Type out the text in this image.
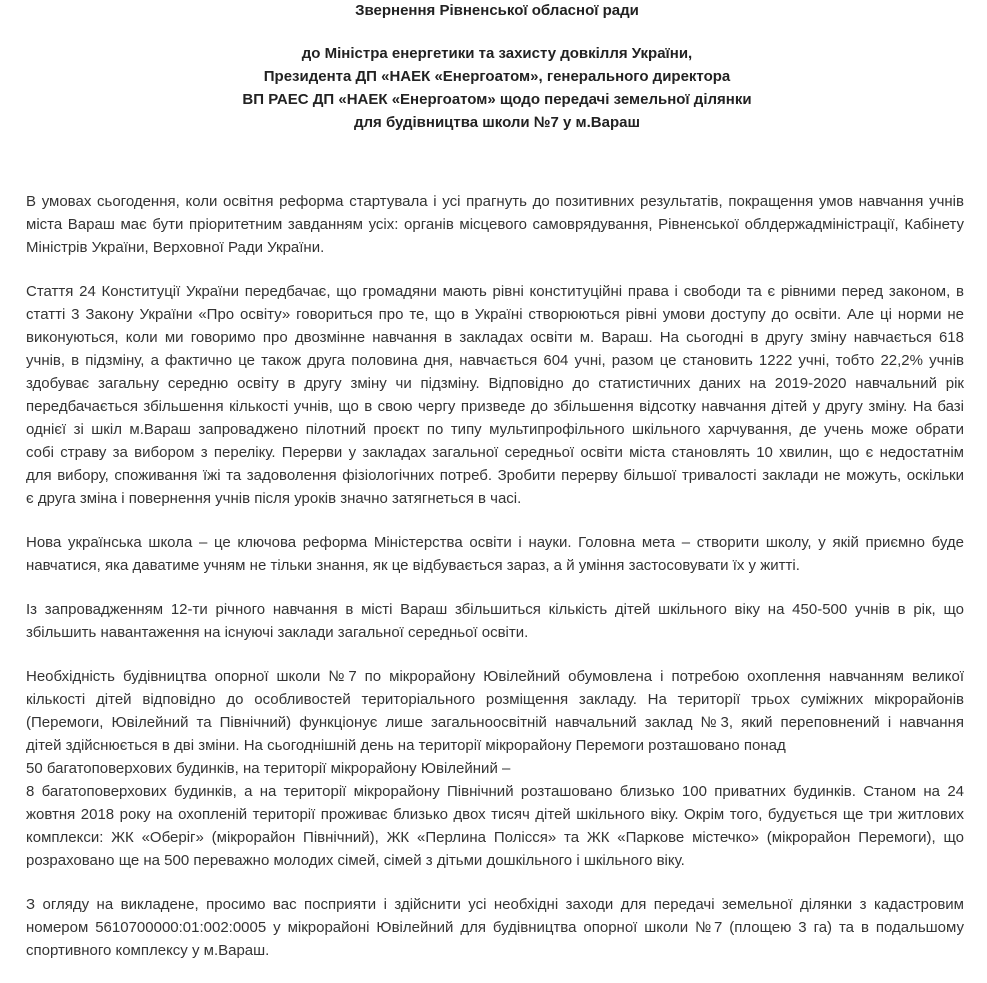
Звернення Рівненської обласної ради
до Міністра енергетики та захисту довкілля України,
Президента ДП «НАЕК «Енергоатом», генерального директора
ВП РАЕС ДП «НАЕК «Енергоатом» щодо передачі земельної ділянки
для будівництва школи №7 у м.Вараш

В умовах сьогодення, коли освітня реформа стартувала і усі прагнуть до позитивних результатів, покращення умов навчання учнів
міста Вараш має бути пріоритетним завданням усіх: органів місцевого самоврядування, Рівненської облдержадміністрації, Кабінету
Міністрів України, Верховної Ради України.

Стаття 24 Конституції України передбачає, що громадяни мають рівні конституційні права і свободи та є рівними перед законом, в
статті 3 Закону України «Про освіту» говориться про те, що в Україні створюються рівні умови доступу до освіти. Але ці норми не
виконуються, коли ми говоримо про двозмінне навчання в закладах освіти м. Вараш. На сьогодні в другу зміну навчається 618
учнів, в підзміну, а фактично це також друга половина дня, навчається 604 учні, разом це становить 1222 учні, тобто 22,2% учнів
здобуває загальну середню освіту в другу зміну чи підзміну. Відповідно до статистичних даних на 2019-2020 навчальний рік
передбачається збільшення кількості учнів, що в свою чергу призведе до збільшення відсотку навчання дітей у другу зміну. На базі
однієї зі шкіл м.Вараш запроваджено пілотний проєкт по типу мультипрофільного шкільного харчування, де учень може обрати
собі страву за вибором з переліку. Перерви у закладах загальної середньої освіти міста становлять 10 хвилин, що є недостатнім
для вибору, споживання їжі та задоволення фізіологічних потреб. Зробити перерву більшої тривалості заклади не можуть, оскільки
є друга зміна і повернення учнів після уроків значно затягнеться в часі.

Нова українська школа – це ключова реформа Міністерства освіти і науки. Головна мета – створити школу, у якій приємно буде
навчатися, яка даватиме учням не тільки знання, як це відбувається зараз, а й уміння застосовувати їх у житті.

Із запровадженням 12-ти річного навчання в місті Вараш збільшиться кількість дітей шкільного віку на 450-500 учнів в рік, що
збільшить навантаження на існуючі заклади загальної середньої освіти.

Необхідність будівництва опорної школи №7 по мікрорайону Ювілейний обумовлена і потребою охоплення навчанням великої
кількості дітей відповідно до особливостей територіального розміщення закладу. На території трьох суміжних мікрорайонів
(Перемоги, Ювілейний та Північний) функціонує лише загальноосвітній навчальний заклад №3, який переповнений і навчання
дітей здійснюється в дві зміни. На сьогоднішній день на території мікрорайону Перемоги розташовано понад
50 багатоповерхових будинків, на території мікрорайону Ювілейний –
8 багатоповерхових будинків, а на території мікрорайону Північний розташовано близько 100 приватних будинків. Станом на 24
жовтня 2018 року на охопленій території проживає близько двох тисяч дітей шкільного віку. Окрім того, будується ще три житлових
комплекси: ЖК «Оберіг» (мікрорайон Північний), ЖК «Перлина Полісся» та ЖК «Паркове містечко» (мікрорайон Перемоги), що
розраховано ще на 500 переважно молодих сімей, сімей з дітьми дошкільного і шкільного віку.

З огляду на викладене, просимо вас посприяти і здійснити усі необхідні заходи для передачі земельної ділянки з кадастровим
номером 5610700000:01:002:0005 у мікрорайоні Ювілейний для будівництва опорної школи №7 (площею 3 га) та в подальшому
спортивного комплексу у м.Вараш.
